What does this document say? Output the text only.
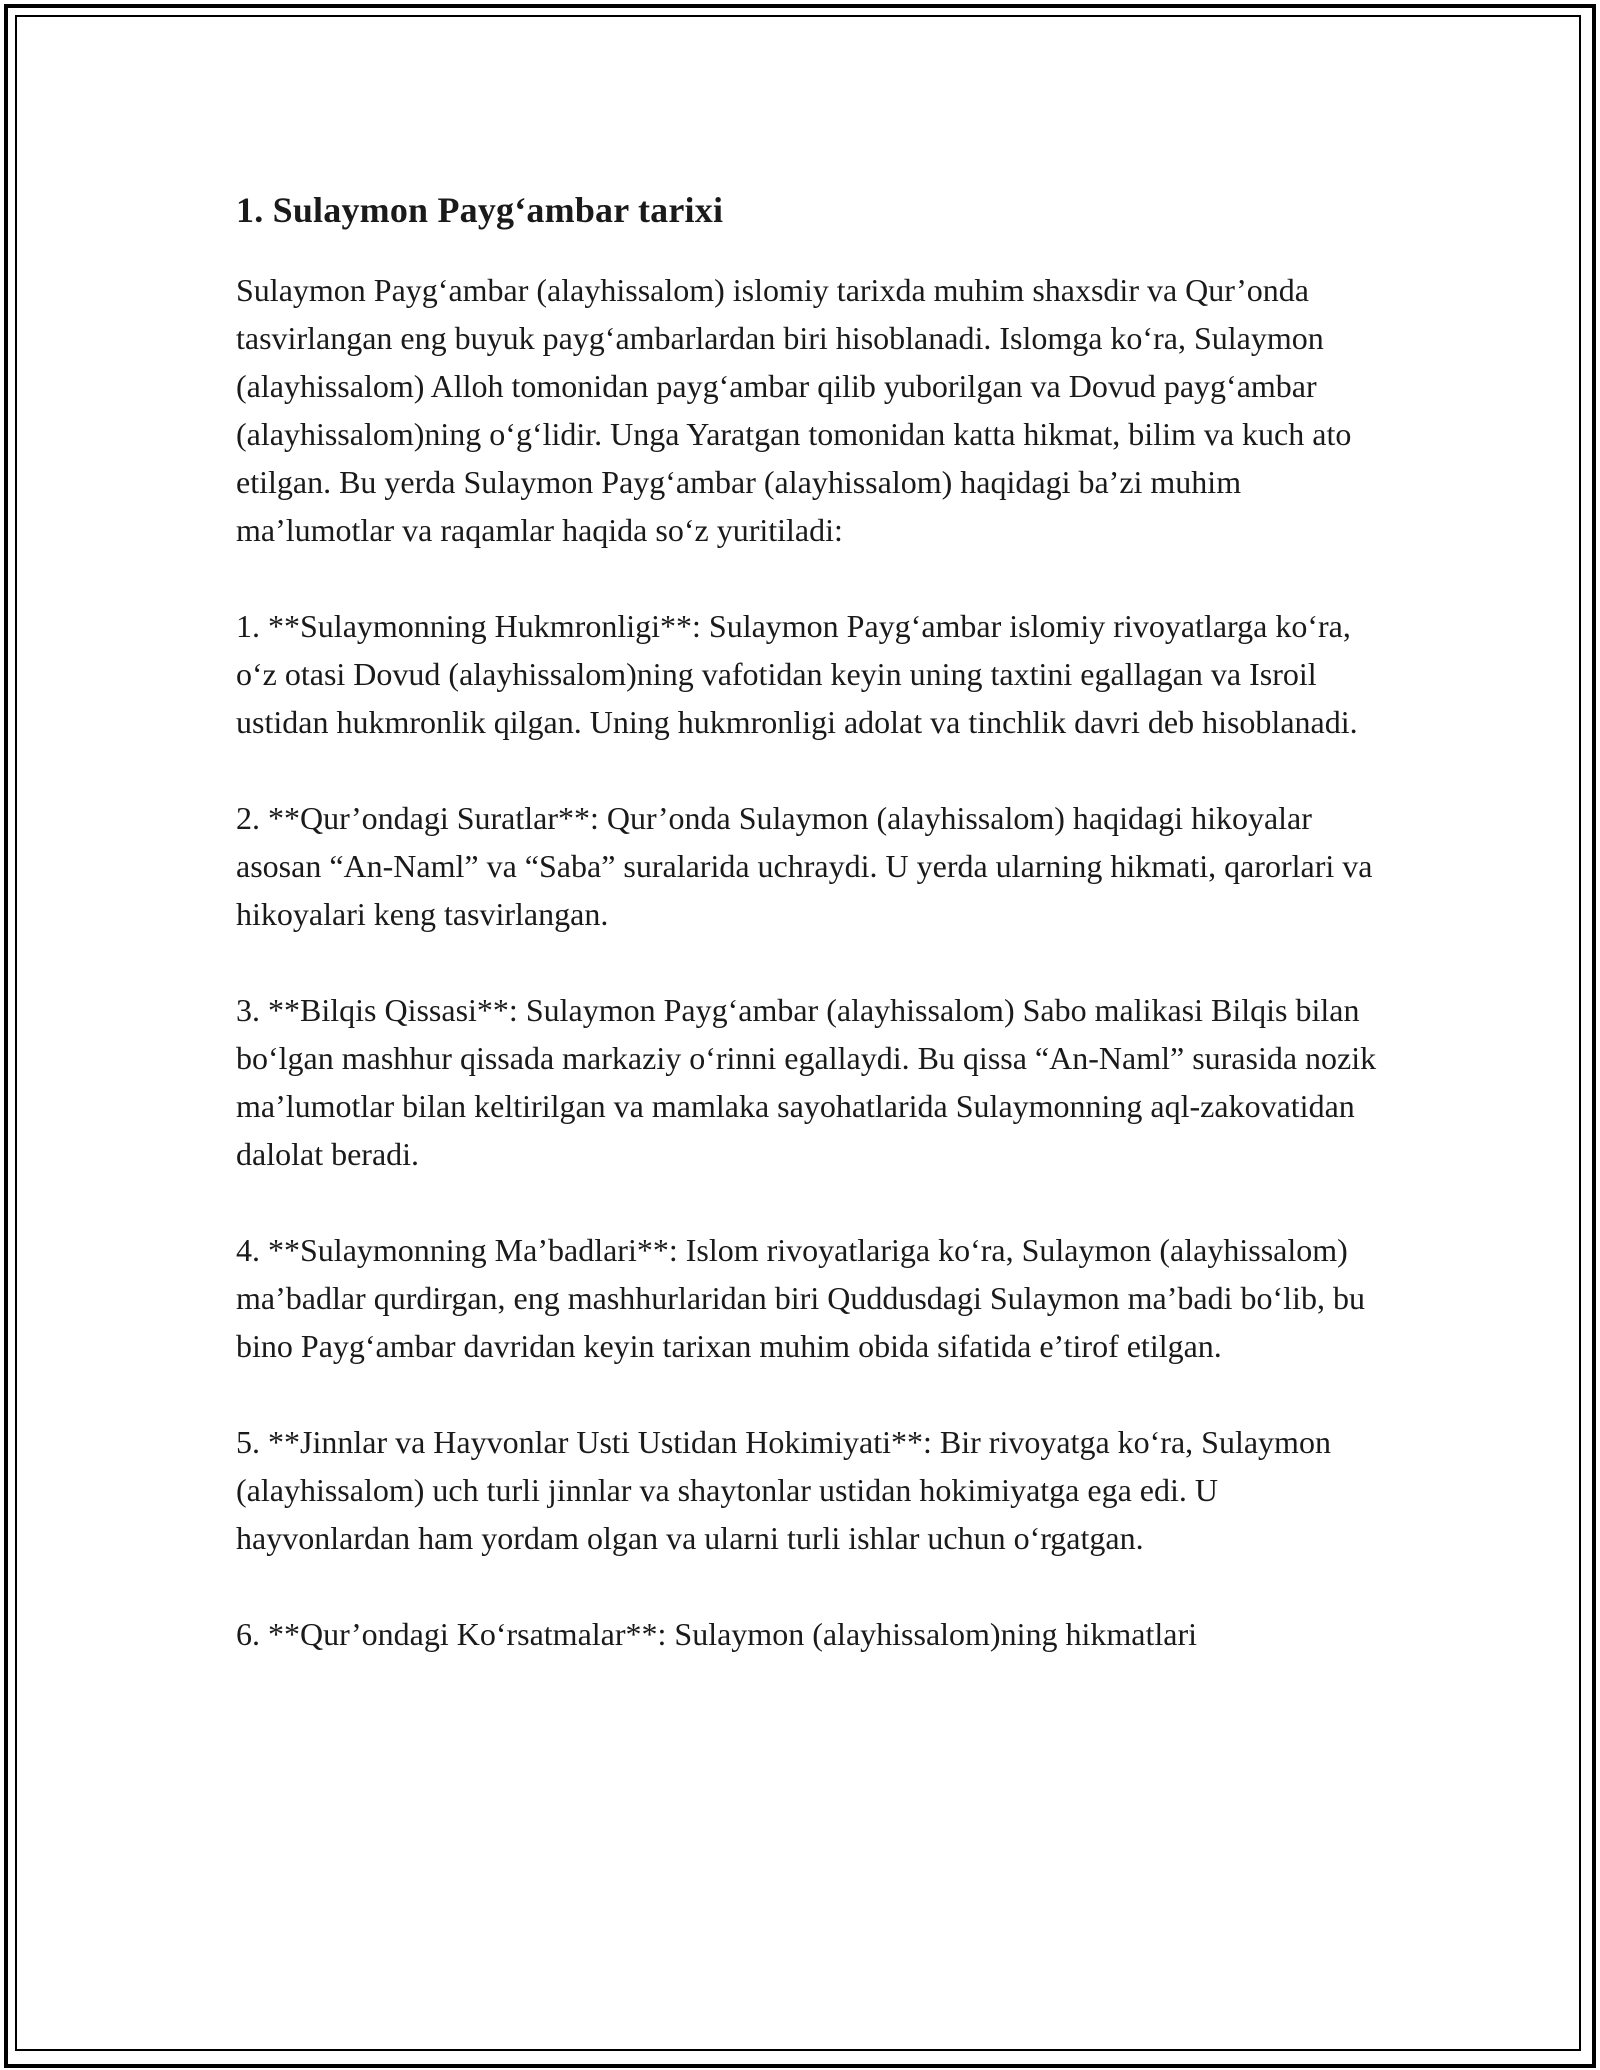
1. Sulaymon Payg‘ambar tarixi

Sulaymon Payg‘ambar (alayhissalom) islomiy tarixda muhim shaxsdir va Qur’onda tasvirlangan eng buyuk payg‘ambarlardan biri hisoblanadi. Islomga ko‘ra, Sulaymon (alayhissalom) Alloh tomonidan payg‘ambar qilib yuborilgan va Dovud payg‘ambar (alayhissalom)ning o‘g‘lidir. Unga Yaratgan tomonidan katta hikmat, bilim va kuch ato etilgan. Bu yerda Sulaymon Payg‘ambar (alayhissalom) haqidagi ba’zi muhim ma’lumotlar va raqamlar haqida so‘z yuritiladi:

1. **Sulaymonning Hukmronligi**: Sulaymon Payg‘ambar islomiy rivoyatlarga ko‘ra, o‘z otasi Dovud (alayhissalom)ning vafotidan keyin uning taxtini egallagan va Isroil ustidan hukmronlik qilgan. Uning hukmronligi adolat va tinchlik davri deb hisoblanadi.

2. **Qur’ondagi Suratlar**: Qur’onda Sulaymon (alayhissalom) haqidagi hikoyalar asosan “An-Naml” va “Saba” suralarida uchraydi. U yerda ularning hikmati, qarorlari va hikoyalari keng tasvirlangan.

3. **Bilqis Qissasi**: Sulaymon Payg‘ambar (alayhissalom) Sabo malikasi Bilqis bilan bo‘lgan mashhur qissada markaziy o‘rinni egallaydi. Bu qissa “An-Naml” surasida nozik ma’lumotlar bilan keltirilgan va mamlaka sayohatlarida Sulaymonning aql-zakovatidan dalolat beradi.

4. **Sulaymonning Ma’badlari**: Islom rivoyatlariga ko‘ra, Sulaymon (alayhissalom) ma’badlar qurdirgan, eng mashhurlaridan biri Quddusdagi Sulaymon ma’badi bo‘lib, bu bino Payg‘ambar davridan keyin tarixan muhim obida sifatida e’tirof etilgan.

5. **Jinnlar va Hayvonlar Usti Ustidan Hokimiyati**: Bir rivoyatga ko‘ra, Sulaymon (alayhissalom) uch turli jinnlar va shaytonlar ustidan hokimiyatga ega edi. U hayvonlardan ham yordam olgan va ularni turli ishlar uchun o‘rgatgan.

6. **Qur’ondagi Ko‘rsatmalar**: Sulaymon (alayhissalom)ning hikmatlari
